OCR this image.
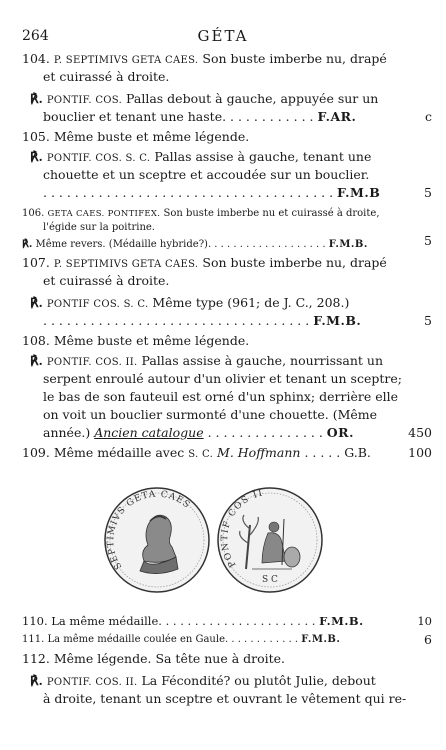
264	GÉTA
104. P. SEPTIMIVS GETA CAES. Son buste imberbe nu, drapé
et cuirassé à droite.
℟. PONTIF. COS. Pallas debout à gauche, appuyée sur un
bouclier et tenant une haste. . . . . . . . . . . . F.AR.	c
105. Même buste et même légende.
℟. PONTIF. COS. S. C. Pallas assise à gauche, tenant une
chouette et un sceptre et accoudée sur un bouclier.
. . . . . . . . . . . . . . . . . . . . . . . . . . . . . . . . . . . . . F.M.B	5
106. GETA CAES. PONTIFEX. Son buste imberbe nu et cuirassé à droite,
l'égide sur la poitrine.
℟. Même revers. (Médaille hybride?). . . . . . . . . . . . . . . . . . . F.M.B.	5
107. P. SEPTIMIVS GETA CAES. Son buste imberbe nu, drapé
et cuirassé à droite.
℟. PONTIF COS. S. C. Même type (961; de J. C., 208.)
. . . . . . . . . . . . . . . . . . . . . . . . . . . . . . . . . . F.M.B.	5
108. Même buste et même légende.
℟. PONTIF. COS. II. Pallas assise à gauche, nourrissant un
serpent enroulé autour d'un olivier et tenant un sceptre;
le bas de son fauteuil est orné d'un sphinx; derrière elle
on voit un bouclier surmonté d'une chouette. (Même
année.) Ancien catalogue . . . . . . . . . . . . . . . OR.	450
109. Même médaille avec S. C. M. Hoffmann . . . . . G.B.	100
SEPTIMIVS GETA CAES
PONTIF COS II
S C
110. La même médaille. . . . . . . . . . . . . . . . . . . . . . F.M.B.	10
111. La même médaille coulée en Gaule. . . . . . . . . . . . F.M.B.	6
112. Même légende. Sa tête nue à droite.
℟. PONTIF. COS. II. La Fécondité? ou plutôt Julie, debout
à droite, tenant un sceptre et ouvrant le vêtement qui re-
